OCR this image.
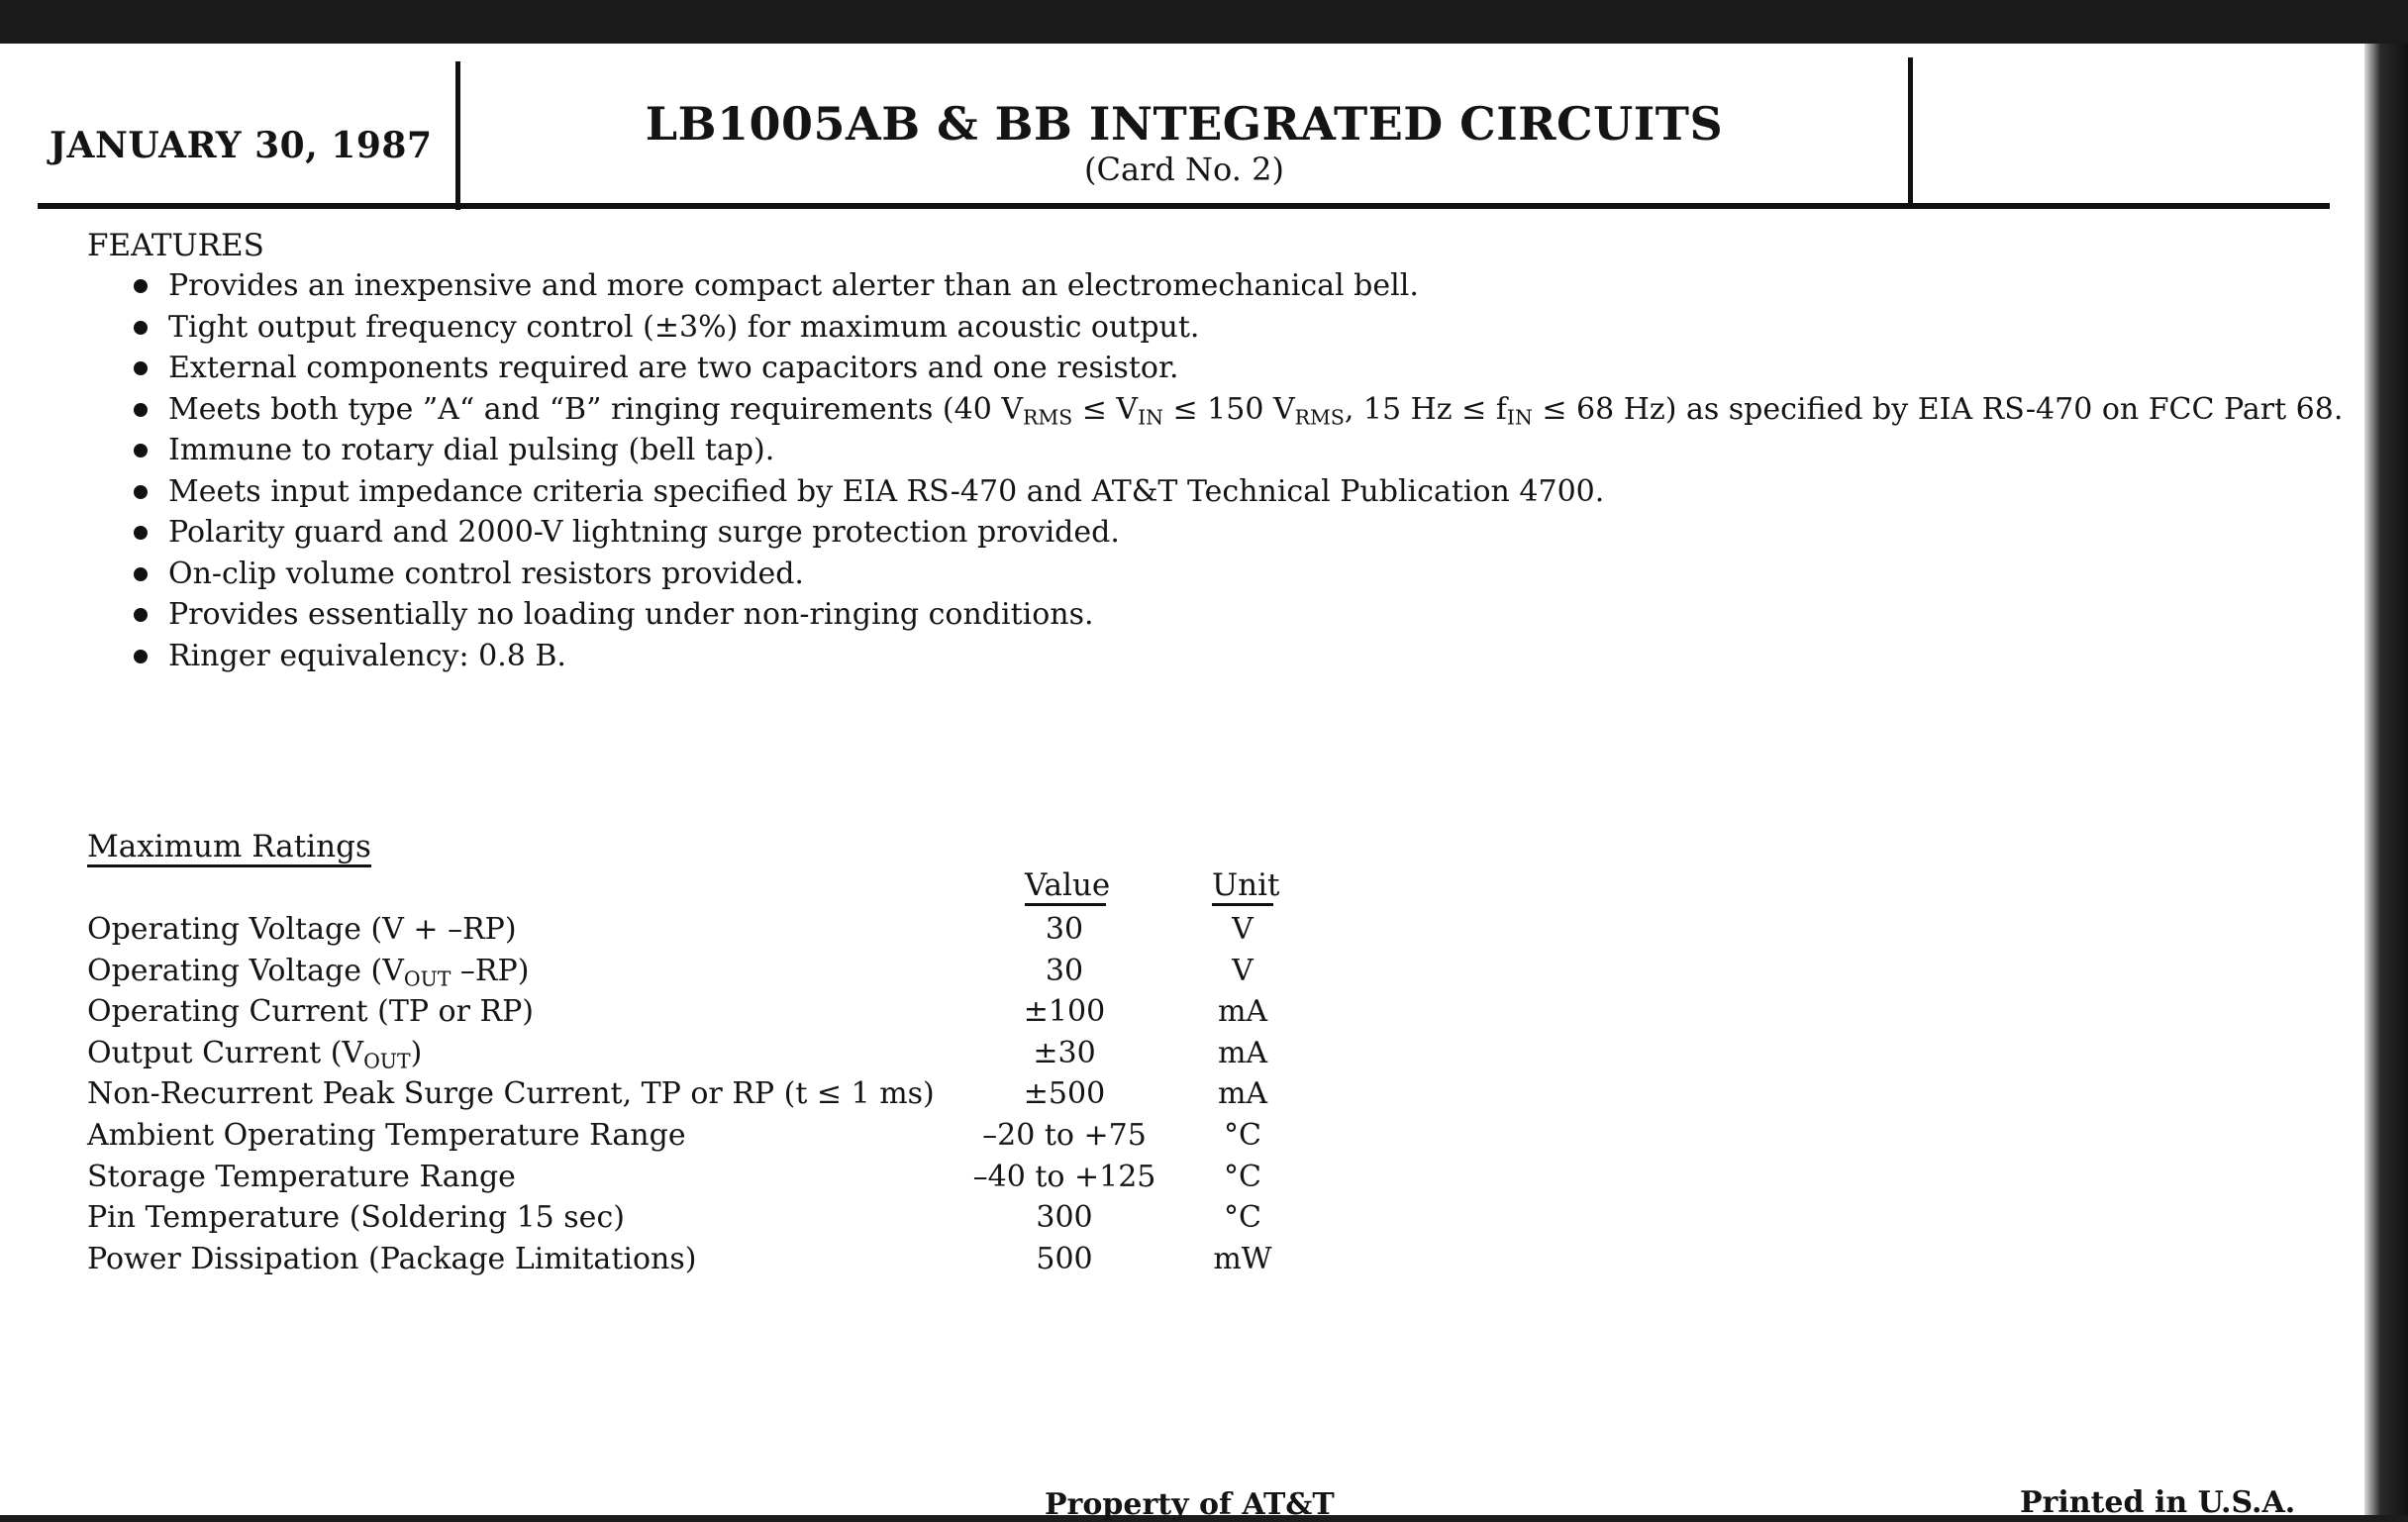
JANUARY 30, 1987	LB1005AB & BB INTEGRATED CIRCUITS
(Card No. 2)
FEATURES
Provides an inexpensive and more compact alerter than an electromechanical bell.
Tight output frequency control (±3%) for maximum acoustic output.
External components required are two capacitors and one resistor.
Meets both type ”A“ and “B” ringing requirements (40 $V_{RMS} \le V_{IN} \le 150$ $V_{RMS}$, 15 $Hz \le f_{IN} \le 68$ Hz) as specified by EIA RS-470 on FCC Part 68.
Immune to rotary dial pulsing (bell tap).
Meets input impedance criteria specified by EIA RS-470 and AT&T Technical Publication 4700.
Polarity guard and 2000-V lightning surge protection provided.
On-clip volume control resistors provided.
Provides essentially no loading under non-ringing conditions.
Ringer equivalency: 0.8 B.
Maximum Ratings
Value	Unit
Operating Voltage (V + –RP)	30	V
Operating Voltage ($V_{OUT}$ –RP)	30	V
Operating Current (TP or RP)	±100	mA
Output Current $(V_{OUT})$	±30	mA
Non-Recurrent Peak Surge Current, TP or RP (t ≤ 1 ms)	±500	mA
Ambient Operating Temperature Range	–20 to +75	°C
Storage Temperature Range	–40 to +125	°C
Pin Temperature (Soldering 15 sec)	300	°C
Power Dissipation (Package Limitations)	500	mW
Property of AT&T	Printed in U.S.A.
